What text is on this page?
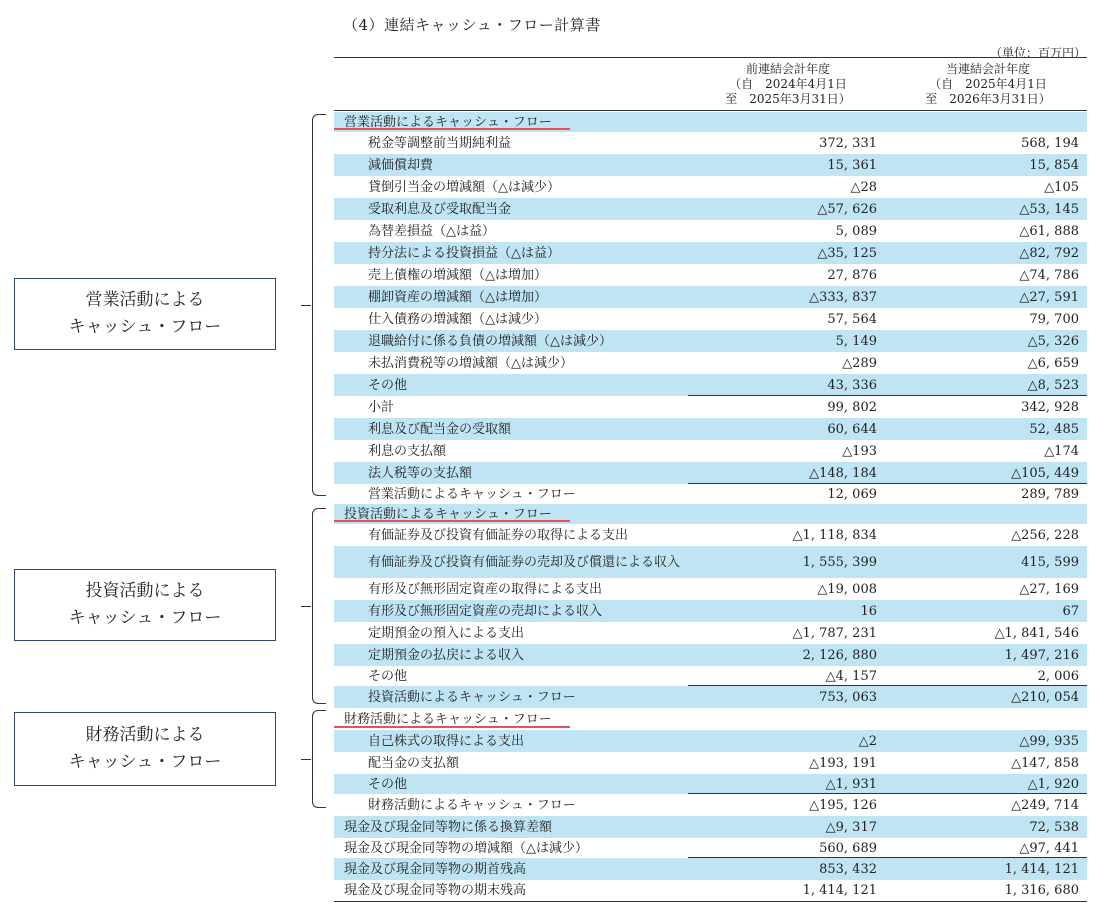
（4）連結キャッシュ・フロー計算書
（単位：百万円）
前連結会計年度
（自　2024年4月1日
至　2025年3月31日）
当連結会計年度
（自　2025年4月1日
至　2026年3月31日）
営業活動によるキャッシュ・フロー
税金等調整前当期純利益	372, 331	568, 194
減価償却費	15, 361	15, 854
貸倒引当金の増減額（△は減少）	△28	△105
受取利息及び受取配当金	△57, 626	△53, 145
為替差損益（△は益）	5, 089	△61, 888
持分法による投資損益（△は益）	△35, 125	△82, 792
売上債権の増減額（△は増加）	27, 876	△74, 786
棚卸資産の増減額（△は増加）	△333, 837	△27, 591
仕入債務の増減額（△は減少）	57, 564	79, 700
退職給付に係る負債の増減額（△は減少）	5, 149	△5, 326
未払消費税等の増減額（△は減少）	△289	△6, 659
その他	43, 336	△8, 523
小計	99, 802	342, 928
利息及び配当金の受取額	60, 644	52, 485
利息の支払額	△193	△174
法人税等の支払額	△148, 184	△105, 449
営業活動によるキャッシュ・フロー	12, 069	289, 789
投資活動によるキャッシュ・フロー
有価証券及び投資有価証券の取得による支出	△1, 118, 834	△256, 228
有価証券及び投資有価証券の売却及び償還による収入	1, 555, 399	415, 599
有形及び無形固定資産の取得による支出	△19, 008	△27, 169
有形及び無形固定資産の売却による収入	16	67
定期預金の預入による支出	△1, 787, 231	△1, 841, 546
定期預金の払戻による収入	2, 126, 880	1, 497, 216
その他	△4, 157	2, 006
投資活動によるキャッシュ・フロー	753, 063	△210, 054
財務活動によるキャッシュ・フロー
自己株式の取得による支出	△2	△99, 935
配当金の支払額	△193, 191	△147, 858
その他	△1, 931	△1, 920
財務活動によるキャッシュ・フロー	△195, 126	△249, 714
現金及び現金同等物に係る換算差額	△9, 317	72, 538
現金及び現金同等物の増減額（△は減少）	560, 689	△97, 441
現金及び現金同等物の期首残高	853, 432	1, 414, 121
現金及び現金同等物の期末残高	1, 414, 121	1, 316, 680
営業活動による
キャッシュ・フロー
投資活動による
キャッシュ・フロー
財務活動による
キャッシュ・フロー
